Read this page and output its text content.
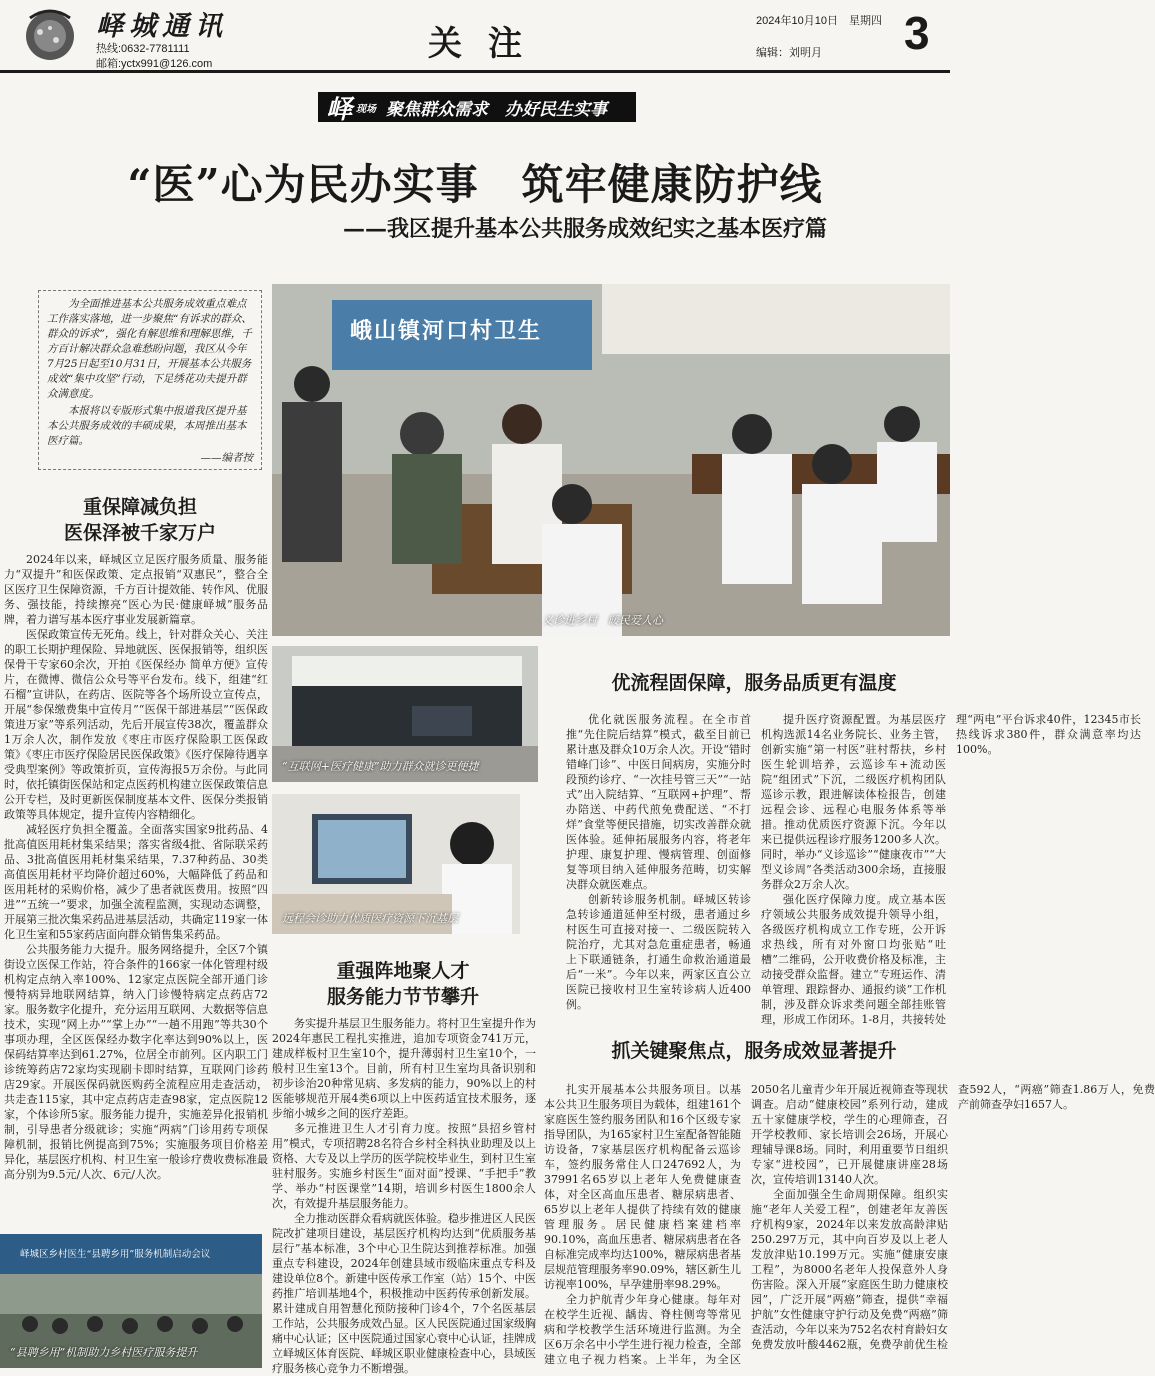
峄城通讯
热线:0632-7781111
邮箱:yctx991@126.com	关注
2024年10月10日　星期四 3
编辑：刘明月
峄 现场 聚焦群众需求　办好民生实事
“医”心为民办实事　筑牢健康防护线
——我区提升基本公共服务成效纪实之基本医疗篇

为全面推进基本公共服务成效重点难点工作落实落地，进一步聚焦“有诉求的群众、群众的诉求”，强化有解思维和理解思维，千方百计解决群众急难愁盼问题，我区从今年7月25日起至10月31日，开展基本公共服务成效“集中攻坚”行动，下足绣花功夫提升群众满意度。

本报将以专版形式集中报道我区提升基本公共服务成效的丰硕成果，本周推出基本医疗篇。

——编者按
峨山镇河口村卫生
义诊进乡村　暖民爱人心
重保障减负担
医保泽被千家万户

2024年以来，峄城区立足医疗服务质量、服务能力“双提升”和医保政策、定点报销“双惠民”，整合全区医疗卫生保障资源，千方百计提效能、转作风、优服务、强技能，持续擦亮“医心为民·健康峄城”服务品牌，着力谱写基本医疗事业发展新篇章。

医保政策宣传无死角。线上，针对群众关心、关注的职工长期护理保险、异地就医、医保报销等，组织医保骨干专家60余次，开拍《医保经办 简单方便》宣传片，在微博、微信公众号等平台发布。线下，组建“红石榴”宣讲队，在药店、医院等各个场所设立宣传点，开展“参保缴费集中宣传月”“医保干部进基层”“医保政策进万家”等系列活动，先后开展宣传38次，覆盖群众1万余人次，制作发放《枣庄市医疗保险职工医保政策》《枣庄市医疗保险居民医保政策》《医疗保障待遇享受典型案例》等政策折页，宣传海报5万余份。与此同时，依托镇街医保站和定点医药机构建立医保政策信息公开专栏，及时更新医保制度基本文件、医保分类报销政策等具体规定，提升宣传内容精细化。

减轻医疗负担全覆盖。全面落实国家9批药品、4批高值医用耗材集采结果；落实省级4批、省际联采药品、3批高值医用耗材集采结果，7.37种药品、30类高值医用耗材平均降价超过60%，大幅降低了药品和医用耗材的采购价格，减少了患者就医费用。按照“四进”“五统一”要求，加强全流程监测，实现动态调整，开展第三批次集采药品进基层活动，共确定119家一体化卫生室和55家药店面向群众销售集采药品。

公共服务能力大提升。服务网络提升，全区7个镇街设立医保工作站，符合条件的166家一体化管理村级机构定点纳入率100%、12家定点医院全部开通门诊慢特病异地联网结算，纳入门诊慢特病定点药店72家。服务数字化提升，充分运用互联网、大数据等信息技术，实现“网上办”“掌上办”“一趟不用跑”等共30个事项办理，全区医保经办数字化率达到90%以上，医保码结算率达到61.27%，位居全市前列。区内职工门诊统筹药店72家均实现刷卡即时结算，互联网门诊药店29家。开展医保码就医购药全流程应用走查活动，共走查115家，其中定点药店走查98家，定点医院12家，个体诊所5家。服务能力提升，实施差异化报销机制，引导患者分级就诊；实施“两病”门诊用药专项保障机制，报销比例提高到75%；实施服务项目价格差异化，基层医疗机构、村卫生室一般诊疗费收费标准最高分别为9.5元/人次、6元/人次。

峄城区乡村医生“县聘乡用”服务机制启动会议
“县聘乡用”机制助力乡村医疗服务提升
“互联网+医疗健康”助力群众就诊更便捷
远程会诊助力优质医疗资源下沉基层
重强阵地聚人才
服务能力节节攀升

务实提升基层卫生服务能力。将村卫生室提升作为2024年惠民工程扎实推进，追加专项资金741万元，建成样板村卫生室10个，提升薄弱村卫生室10个，一般村卫生室13个。目前，所有村卫生室均具备识别和初步诊治20种常见病、多发病的能力，90%以上的村医能够规范开展4类6项以上中医药适宜技术服务，逐步缩小城乡之间的医疗差距。

多元推进卫生人才引育力度。按照“县招乡管村用”模式，专项招聘28名符合乡村全科执业助理及以上资格、大专及以上学历的医学院校毕业生，到村卫生室驻村服务。实施乡村医生“面对面”授课、“手把手”教学、举办“村医课堂”14期，培训乡村医生1800余人次，有效提升基层服务能力。

全力推动医群众看病就医体验。稳步推进区人民医院改扩建项目建设，基层医疗机构均达到“优质服务基层行”基本标准，3个中心卫生院达到推荐标准。加强重点专科建设，2024年创建县域市级临床重点专科及建设单位8个。新建中医传承工作室（站）15个、中医药推广培训基地4个，积极推动中医药传承创新发展。累计建成自用智慧化预防接种门诊4个，7个名医基层工作站，公共服务成效凸显。区人民医院通过国家级胸痛中心认证；区中医院通过国家心衰中心认证，挂牌成立峄城区体育医院、峄城区职业健康检查中心，县域医疗服务核心竞争力不断增强。

优流程固保障，服务品质更有温度

优化就医服务流程。在全市首推“先住院后结算”模式，截至目前已累计惠及群众10万余人次。开设“错时错峰门诊”、中医日间病房，实施分时段预约诊疗、“一次挂号管三天”“一站式”出入院结算、“互联网+护理”、帮办陪送、中药代煎免费配送、“不打烊”食堂等便民措施，切实改善群众就医体验。延伸拓展服务内容，将老年护理、康复护理、慢病管理、创面修复等项目纳入延伸服务范畴，切实解决群众就医难点。

创新转诊服务机制。峄城区转诊急转诊通道延伸至村级，患者通过乡村医生可直接对接一、二级医院转入院治疗，尤其对急危重症患者，畅通上下联通链条，打通生命救治通道最后“一米”。今年以来，两家区直公立医院已接收村卫生室转诊病人近400例。

提升医疗资源配置。为基层医疗机构选派14名业务院长、业务主管，创新实施“第一村医”驻村帮扶，乡村医生轮训培养，云巡诊车+流动医院“组团式”下沉，二级医疗机构团队巡诊示教，跟进解读体检报告，创建远程会诊、远程心电服务体系等举措。推动优质医疗资源下沉。今年以来已提供远程诊疗服务1200多人次。同时，举办“义诊巡诊”“健康夜市”“大型义诊周”各类活动300余场，直接服务群众2万余人次。

强化医疗保障力度。成立基本医疗领域公共服务成效提升领导小组，各级医疗机构成立工作专班，公开诉求热线，所有对外窗口均张贴“吐槽”二维码，公开收费价格及标准，主动接受群众监督。建立“专班运作、清单管理、跟踪督办、通报约谈”工作机制，涉及群众诉求类问题全部挂账管理，形成工作闭环。1-8月，共接转处理“两电”平台诉求40件，12345市长热线诉求380件，群众满意率均达100%。

抓关键聚焦点，服务成效显著提升

扎实开展基本公共服务项目。以基本公共卫生服务项目为载体，组建161个家庭医生签约服务团队和16个区级专家指导团队，为165家村卫生室配备智能随访设备，7家基层医疗机构配备云巡诊车，签约服务常住人口247692人，为37991名65岁以上老年人免费健康查体，对全区高血压患者、糖尿病患者、65岁以上老年人提供了持续有效的健康管理服务。居民健康档案建档率90.10%，高血压患者、糖尿病患者在各自标准完成率均达100%，糖尿病患者基层规范管理服务率90.09%，辖区新生儿访视率100%，早孕建册率98.29%。

全力护航青少年身心健康。每年对在校学生近视、龋齿、脊柱侧弯等常见病和学校教学生活环境进行监测。为全区6万余名中小学生进行视力检查，全部建立电子视力档案。上半年，为全区2050名儿童青少年开展近视筛查等现状调查。启动“健康校园”系列行动，建成五十家健康学校，学生的心理筛查，召开学校教师、家长培训会26场，开展心理辅导课8场。同时，利用重要节日组织专家“进校园”，已开展健康讲座28场次，宣传培训13140人次。

全面加强全生命周期保障。组织实施“老年人关爱工程”，创建老年友善医疗机构9家，2024年以来发放高龄津贴250.297万元，其中向百岁及以上老人发放津贴10.199万元。实施“健康安康工程”，为8000名老年人投保意外人身伤害险。深入开展“家庭医生助力健康校园”，广泛开展“两癌”筛查，提供“幸福护航”女性健康守护行动及免费“两癌”筛查活动，今年以来为752名农村育龄妇女免费发放叶酸4462瓶，免费孕前优生检查592人，“两癌”筛查1.86万人，免费产前筛查孕妇1657人。
